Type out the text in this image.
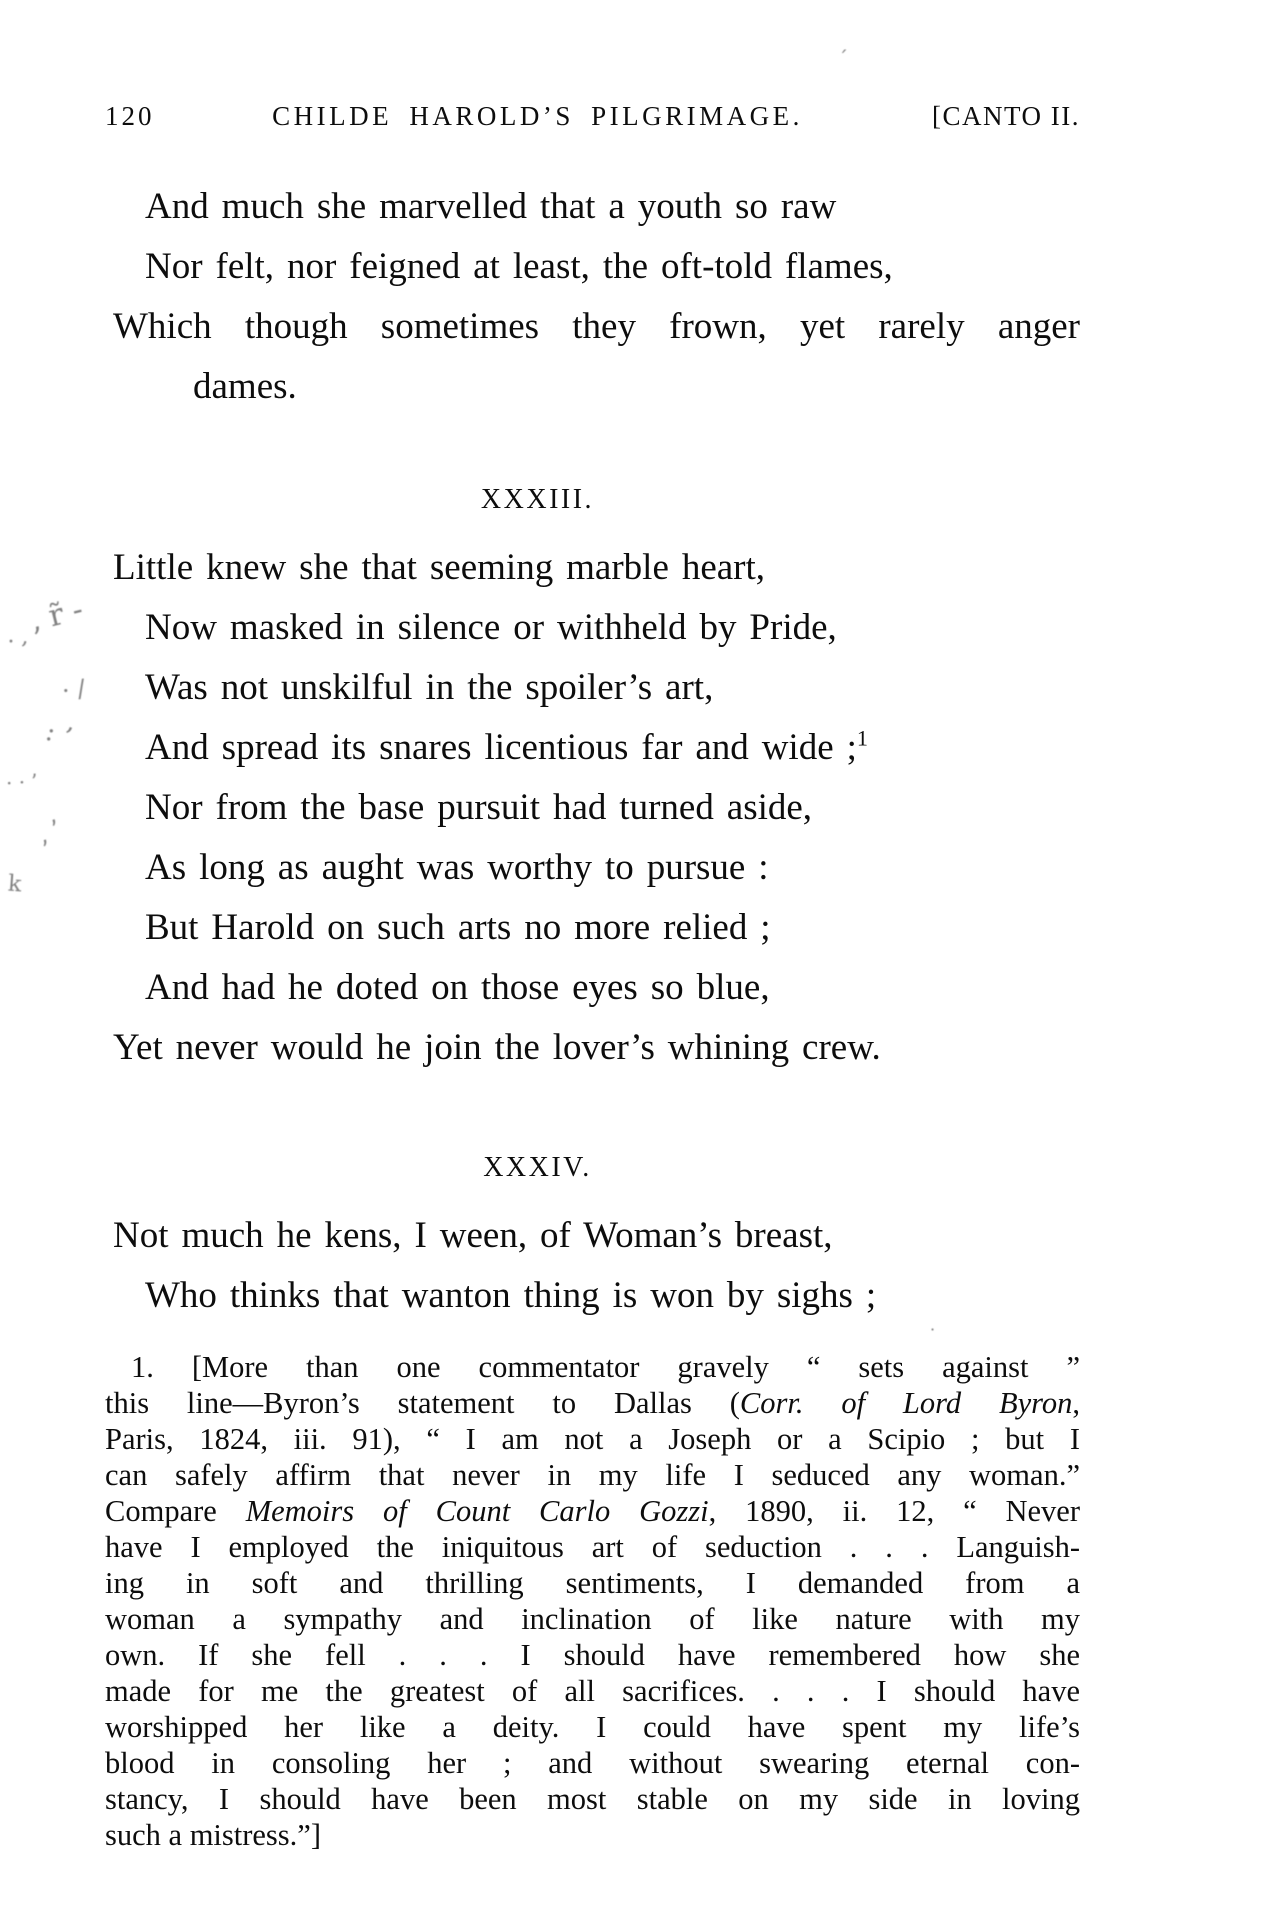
120	CHILDE HAROLD’S PILGRIMAGE.	[CANTO II.
And much she marvelled that a youth so raw
Nor felt, nor feigned at least, the oft-told flames,
Which though sometimes they frown, yet rarely anger
dames.
XXXIII.
Little knew she that seeming marble heart,
Now masked in silence or withheld by Pride,
Was not unskilful in the spoiler’s art,
And spread its snares licentious far and wide ;$^1$
Nor from the base pursuit had turned aside,
As long as aught was worthy to pursue :
But Harold on such arts no more relied ;
And had he doted on those eyes so blue,
Yet never would he join the lover’s whining crew.
XXXIV.
Not much he kens, I ween, of Woman’s breast,
Who thinks that wanton thing is won by sighs ;
1. [More than one commentator gravely “ sets against ”
this line—Byron’s statement to Dallas (Corr. of Lord Byron,
Paris, 1824, iii. 91), “ I am not a Joseph or a Scipio ; but I
can safely affirm that never in my life I seduced any woman.”
Compare Memoirs of Count Carlo Gozzi, 1890, ii. 12, “ Never
have I employed the iniquitous art of seduction . . . Languish-
ing in soft and thrilling sentiments, I demanded from a
woman a sympathy and inclination of like nature with my
own. If she fell . . . I should have remembered how she
made for me the greatest of all sacrifices. . . . I should have
worshipped her like a deity. I could have spent my life’s
blood in consoling her ; and without swearing eternal con-
stancy, I should have been most stable on my side in loving
such a mistress.”]
, r̃ -
. ,
· /
: ’
· · ’
, ’
k
´
·
